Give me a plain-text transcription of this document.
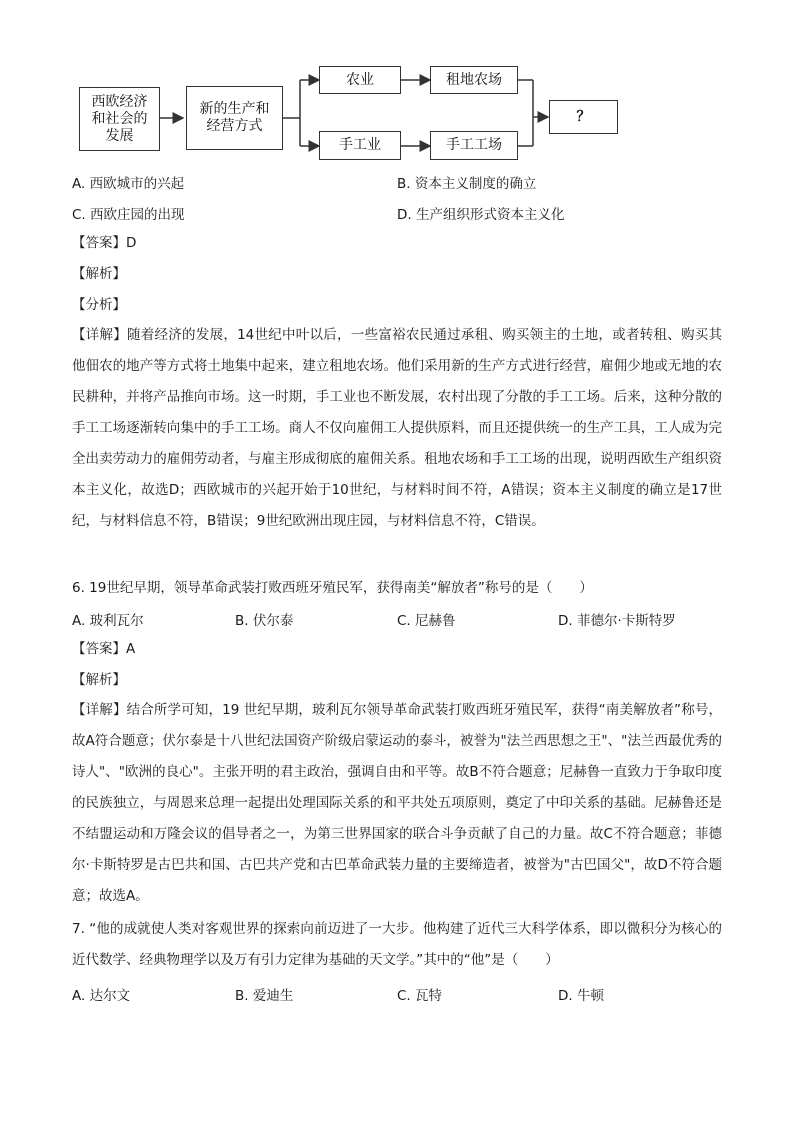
西欧经济
和社会的
发展
新的生产和
经营方式
农业
手工业
租地农场
手工工场
？
A. 西欧城市的兴起	B. 资本主义制度的确立
C. 西欧庄园的出现	D. 生产组织形式资本主义化
【答案】D
【解析】
【分析】
【详解】随着经济的发展，14世纪中叶以后，一些富裕农民通过承租、购买领主的土地，或者转租、购买其他佃农的地产等方式将土地集中起来，建立租地农场。他们采用新的生产方式进行经营，雇佣少地或无地的农民耕种，并将产品推向市场。这一时期，手工业也不断发展，农村出现了分散的手工工场。后来，这种分散的手工工场逐渐转向集中的手工工场。商人不仅向雇佣工人提供原料，而且还提供统一的生产工具，工人成为完全出卖劳动力的雇佣劳动者，与雇主形成彻底的雇佣关系。租地农场和手工工场的出现，说明西欧生产组织资本主义化，故选D；西欧城市的兴起开始于10世纪，与材料时间不符，A错误；资本主义制度的确立是17世纪，与材料信息不符，B错误；9世纪欧洲出现庄园，与材料信息不符，C错误。
6. 19世纪早期，领导革命武装打败西班牙殖民军，获得南美“解放者”称号的是（　　）
A. 玻利瓦尔	B. 伏尔泰	C. 尼赫鲁	D. 菲德尔·卡斯特罗
【答案】A
【解析】
【详解】结合所学可知，19 世纪早期，玻利瓦尔领导革命武装打败西班牙殖民军，获得“南美解放者”称号，故A符合题意；伏尔泰是十八世纪法国资产阶级启蒙运动的泰斗，被誉为"法兰西思想之王"、"法兰西最优秀的诗人"、"欧洲的良心"。主张开明的君主政治，强调自由和平等。故B不符合题意；尼赫鲁一直致力于争取印度的民族独立，与周恩来总理一起提出处理国际关系的和平共处五项原则，奠定了中印关系的基础。尼赫鲁还是不结盟运动和万隆会议的倡导者之一，为第三世界国家的联合斗争贡献了自己的力量。故C不符合题意；菲德尔·卡斯特罗是古巴共和国、古巴共产党和古巴革命武装力量的主要缔造者，被誉为"古巴国父"，故D不符合题意；故选A。
7. “他的成就使人类对客观世界的探索向前迈进了一大步。他构建了近代三大科学体系，即以微积分为核心的近代数学、经典物理学以及万有引力定律为基础的天文学。”其中的“他”是（　　）
A. 达尔文	B. 爱迪生	C. 瓦特	D. 牛顿
